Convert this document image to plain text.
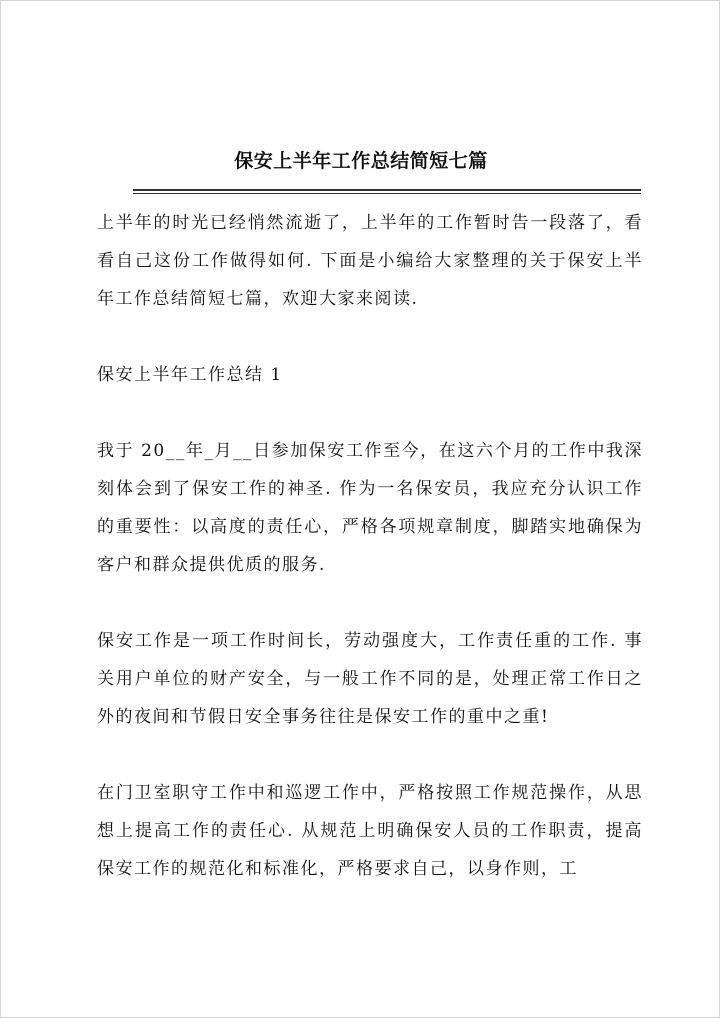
保安上半年工作总结简短七篇

上半年的时光已经悄然流逝了，上半年的工作暂时告一段落了，看看自己这份工作做得如何. 下面是小编给大家整理的关于保安上半年工作总结简短七篇，欢迎大家来阅读.

保安上半年工作总结 1

我于 20__年_月__日参加保安工作至今，在这六个月的工作中我深刻体会到了保安工作的神圣. 作为一名保安员，我应充分认识工作的重要性：以高度的责任心，严格各项规章制度，脚踏实地确保为客户和群众提供优质的服务.

保安工作是一项工作时间长，劳动强度大，工作责任重的工作. 事关用户单位的财产安全，与一般工作不同的是，处理正常工作日之外的夜间和节假日安全事务往往是保安工作的重中之重!

在门卫室职守工作中和巡逻工作中，严格按照工作规范操作，从思想上提高工作的责任心. 从规范上明确保安人员的工作职责，提高保安工作的规范化和标准化，严格要求自己，以身作则，工
